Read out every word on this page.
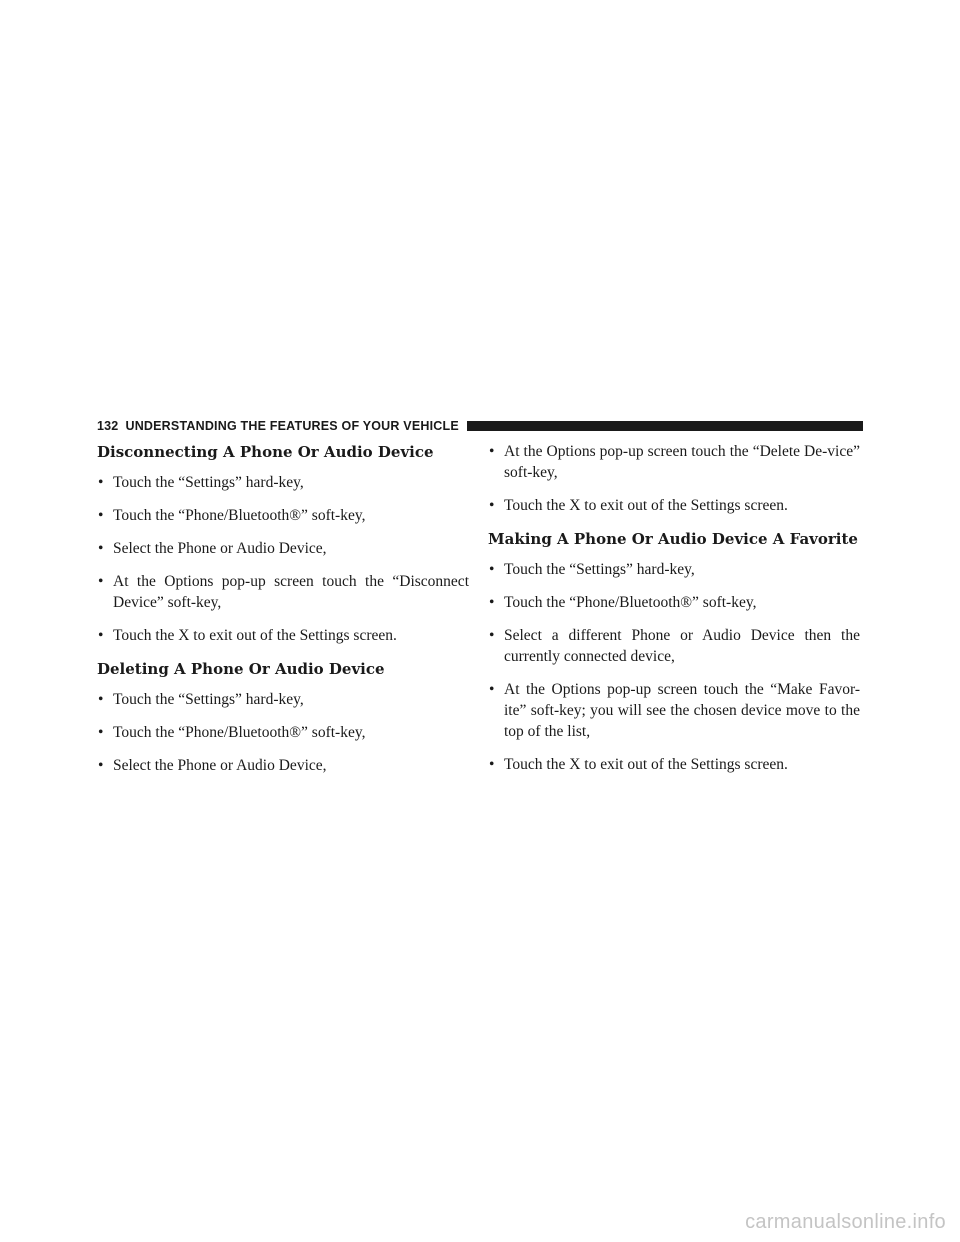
132 UNDERSTANDING THE FEATURES OF YOUR VEHICLE
Disconnecting A Phone Or Audio Device
• Touch the “Settings” hard-key,
• Touch the “Phone/Bluetooth®” soft-key,
• Select the Phone or Audio Device,
• At the Options pop-up screen touch the “Disconnect Device” soft-key,
• Touch the X to exit out of the Settings screen.
Deleting A Phone Or Audio Device
• Touch the “Settings” hard-key,
• Touch the “Phone/Bluetooth®” soft-key,
• Select the Phone or Audio Device,
• At the Options pop-up screen touch the “Delete De-vice” soft-key,
• Touch the X to exit out of the Settings screen.
Making A Phone Or Audio Device A Favorite
• Touch the “Settings” hard-key,
• Touch the “Phone/Bluetooth®” soft-key,
• Select a different Phone or Audio Device then the currently connected device,
• At the Options pop-up screen touch the “Make Favor-ite” soft-key; you will see the chosen device move to the top of the list,
• Touch the X to exit out of the Settings screen.
carmanualsonline.info
